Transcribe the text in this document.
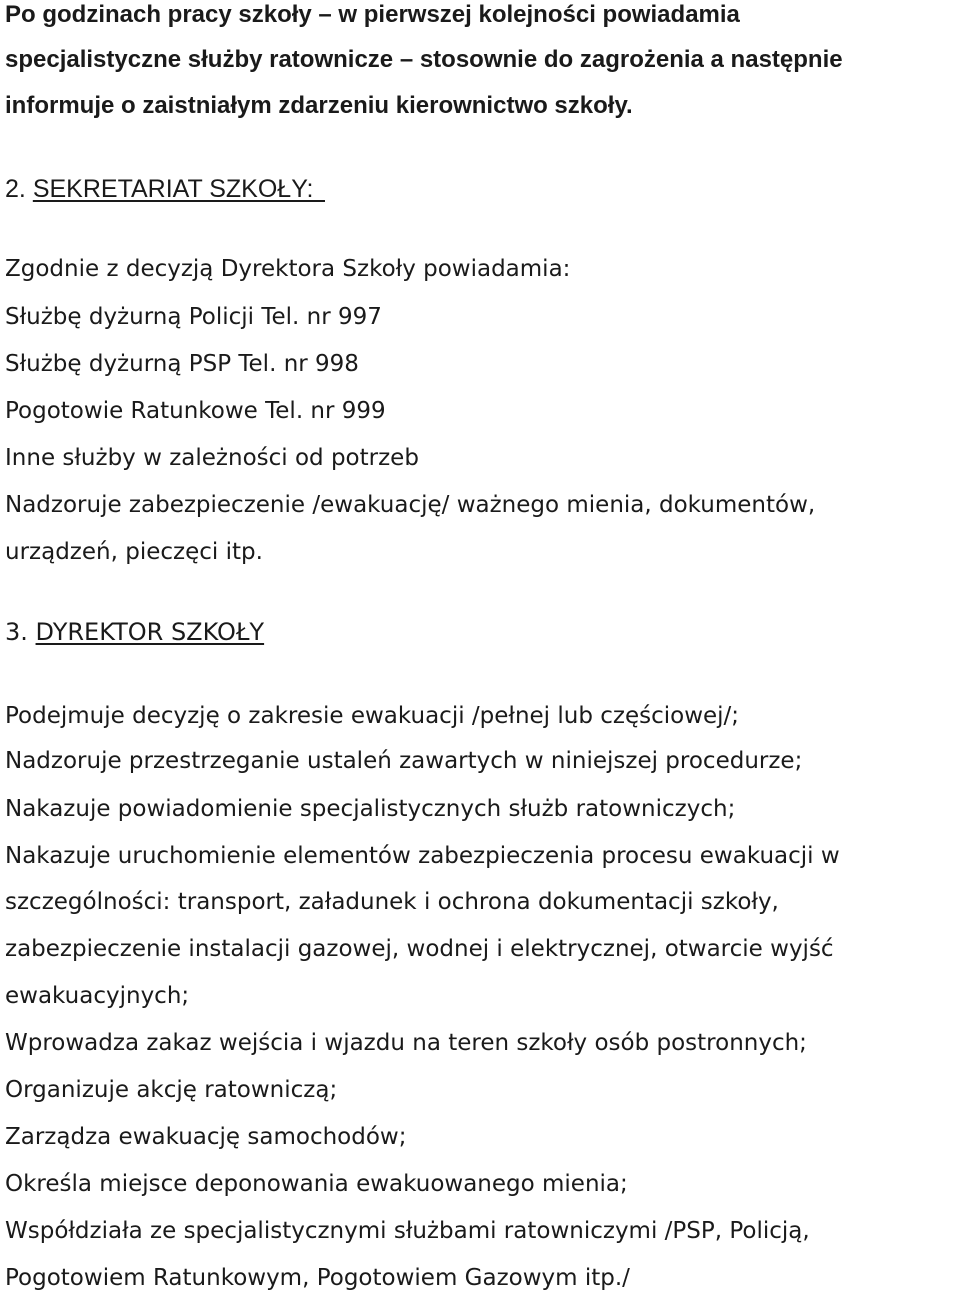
Po godzinach pracy szkoły – w pierwszej kolejności powiadamia
specjalistyczne służby ratownicze – stosownie do zagrożenia a następnie
informuje o zaistniałym zdarzeniu kierownictwo szkoły.
2. SEKRETARIAT SZKOŁY:
Zgodnie z decyzją Dyrektora Szkoły powiadamia:
Służbę dyżurną Policji Tel. nr 997
Służbę dyżurną PSP Tel. nr 998
Pogotowie Ratunkowe Tel. nr 999
Inne służby w zależności od potrzeb
Nadzoruje zabezpieczenie /ewakuację/ ważnego mienia, dokumentów,
urządzeń, pieczęci itp.
3. DYREKTOR SZKOŁY
Podejmuje decyzję o zakresie ewakuacji /pełnej lub częściowej/;
Nadzoruje przestrzeganie ustaleń zawartych w niniejszej procedurze;
Nakazuje powiadomienie specjalistycznych służb ratowniczych;
Nakazuje uruchomienie elementów zabezpieczenia procesu ewakuacji w
szczególności: transport, załadunek i ochrona dokumentacji szkoły,
zabezpieczenie instalacji gazowej, wodnej i elektrycznej, otwarcie wyjść
ewakuacyjnych;
Wprowadza zakaz wejścia i wjazdu na teren szkoły osób postronnych;
Organizuje akcję ratowniczą;
Zarządza ewakuację samochodów;
Określa miejsce deponowania ewakuowanego mienia;
Współdziała ze specjalistycznymi służbami ratowniczymi /PSP, Policją,
Pogotowiem Ratunkowym, Pogotowiem Gazowym itp./
